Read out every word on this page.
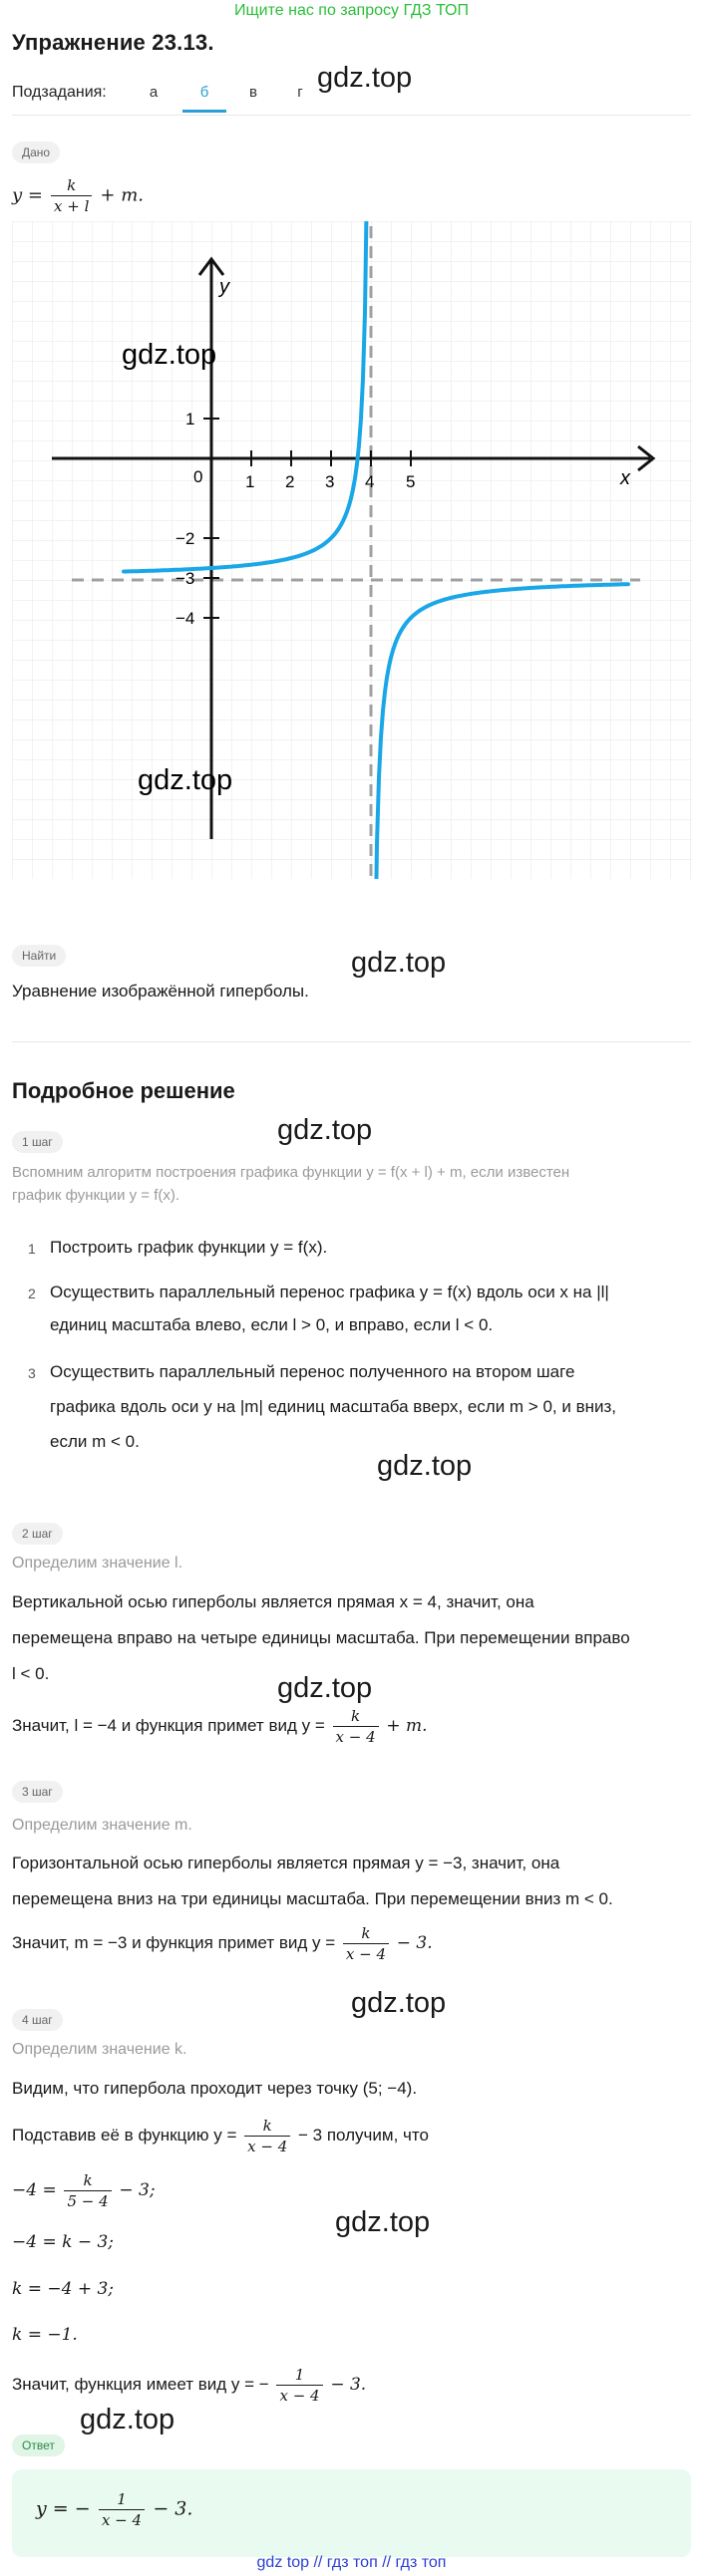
Ищите нас по запросу ГДЗ ТОП
Упражнение 23.13.
Подзадания:	а	б	в	г gdz.top
Дано
$y = \frac{k}{x + l} + m$.
y
x
0	1 2 3 4 5
1
−2
−3
−4
gdz.top
gdz.top
Найти	gdz.top
Уравнение изображённой гиперболы.
Подробное решение
1 шаг	gdz.top
Вспомним алгоритм построения графика функции y = f(x + l) + m, если известен
график функции y = f(x).
1 Построить график функции y = f(x).
2 Осуществить параллельный перенос графика y = f(x) вдоль оси x на |l|
единиц масштаба влево, если l > 0, и вправо, если l < 0.
3 Осуществить параллельный перенос полученного на втором шаге
графика вдоль оси y на |m| единиц масштаба вверх, если m > 0, и вниз,
если m < 0.
gdz.top
2 шаг
Определим значение l.
Вертикальной осью гиперболы является прямая x = 4, значит, она
перемещена вправо на четыре единицы масштаба. При перемещении вправо
l < 0.	gdz.top
Значит, l = −4 и функция примет вид $y = \frac{k}{x - 4} + m$.
3 шаг
Определим значение m.
Горизонтальной осью гиперболы является прямая y = −3, значит, она
перемещена вниз на три единицы масштаба. При перемещении вниз m < 0.
Значит, m = −3 и функция примет вид $y = \frac{k}{x - 4} - 3$.
gdz.top
4 шаг
Определим значение k.
Видим, что гипербола проходит через точку (5; −4).
Подставив её в функцию $y = \frac{k}{x - 4} - 3$ получим, что
$-4 = \frac{k}{5 - 4} - 3$;
gdz.top
−4 = k − 3;
k = −4 + 3;
k = −1.
Значит, функция имеет вид y = − $\frac{1}{x - 4} - 3$.
gdz.top
Ответ
y = − $\frac{1}{x - 4} - 3$.
gdz top // гдз топ // гдз топ
